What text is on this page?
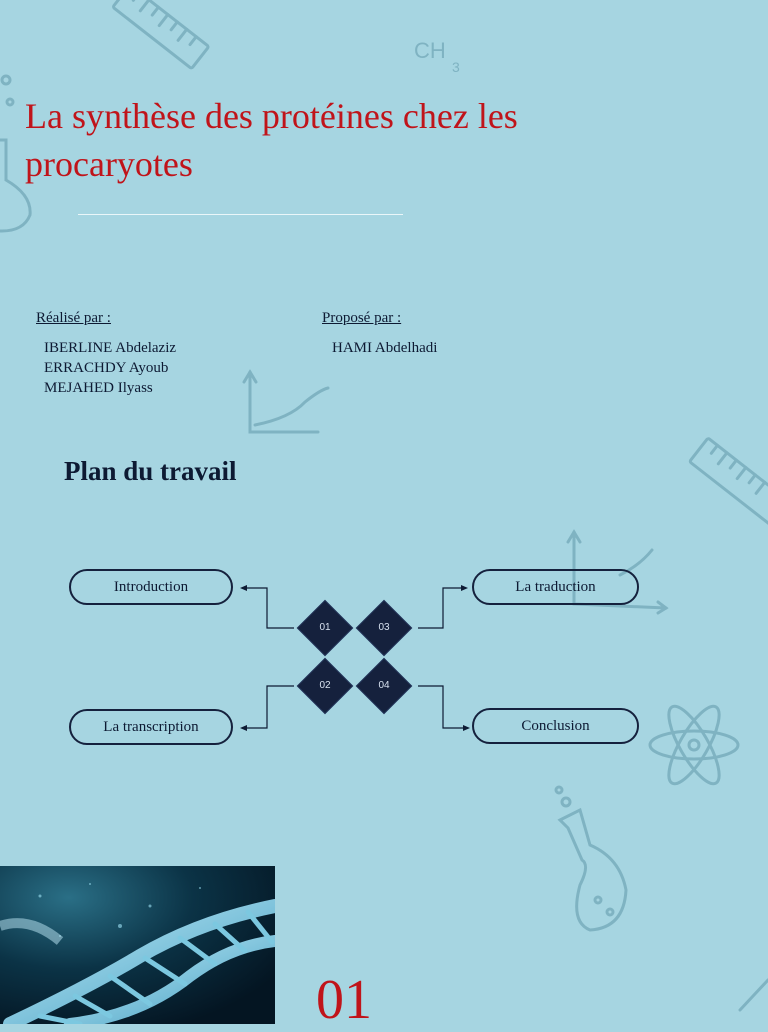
CH
3
La synthèse des protéines chez les procaryotes
Réalisé par :
IBERLINE Abdelaziz
ERRACHDY Ayoub
MEJAHED Ilyass
Proposé par :
HAMI Abdelhadi
Plan du travail
Introduction
La transcription
La traduction
Conclusion
01	03
02	04
01
